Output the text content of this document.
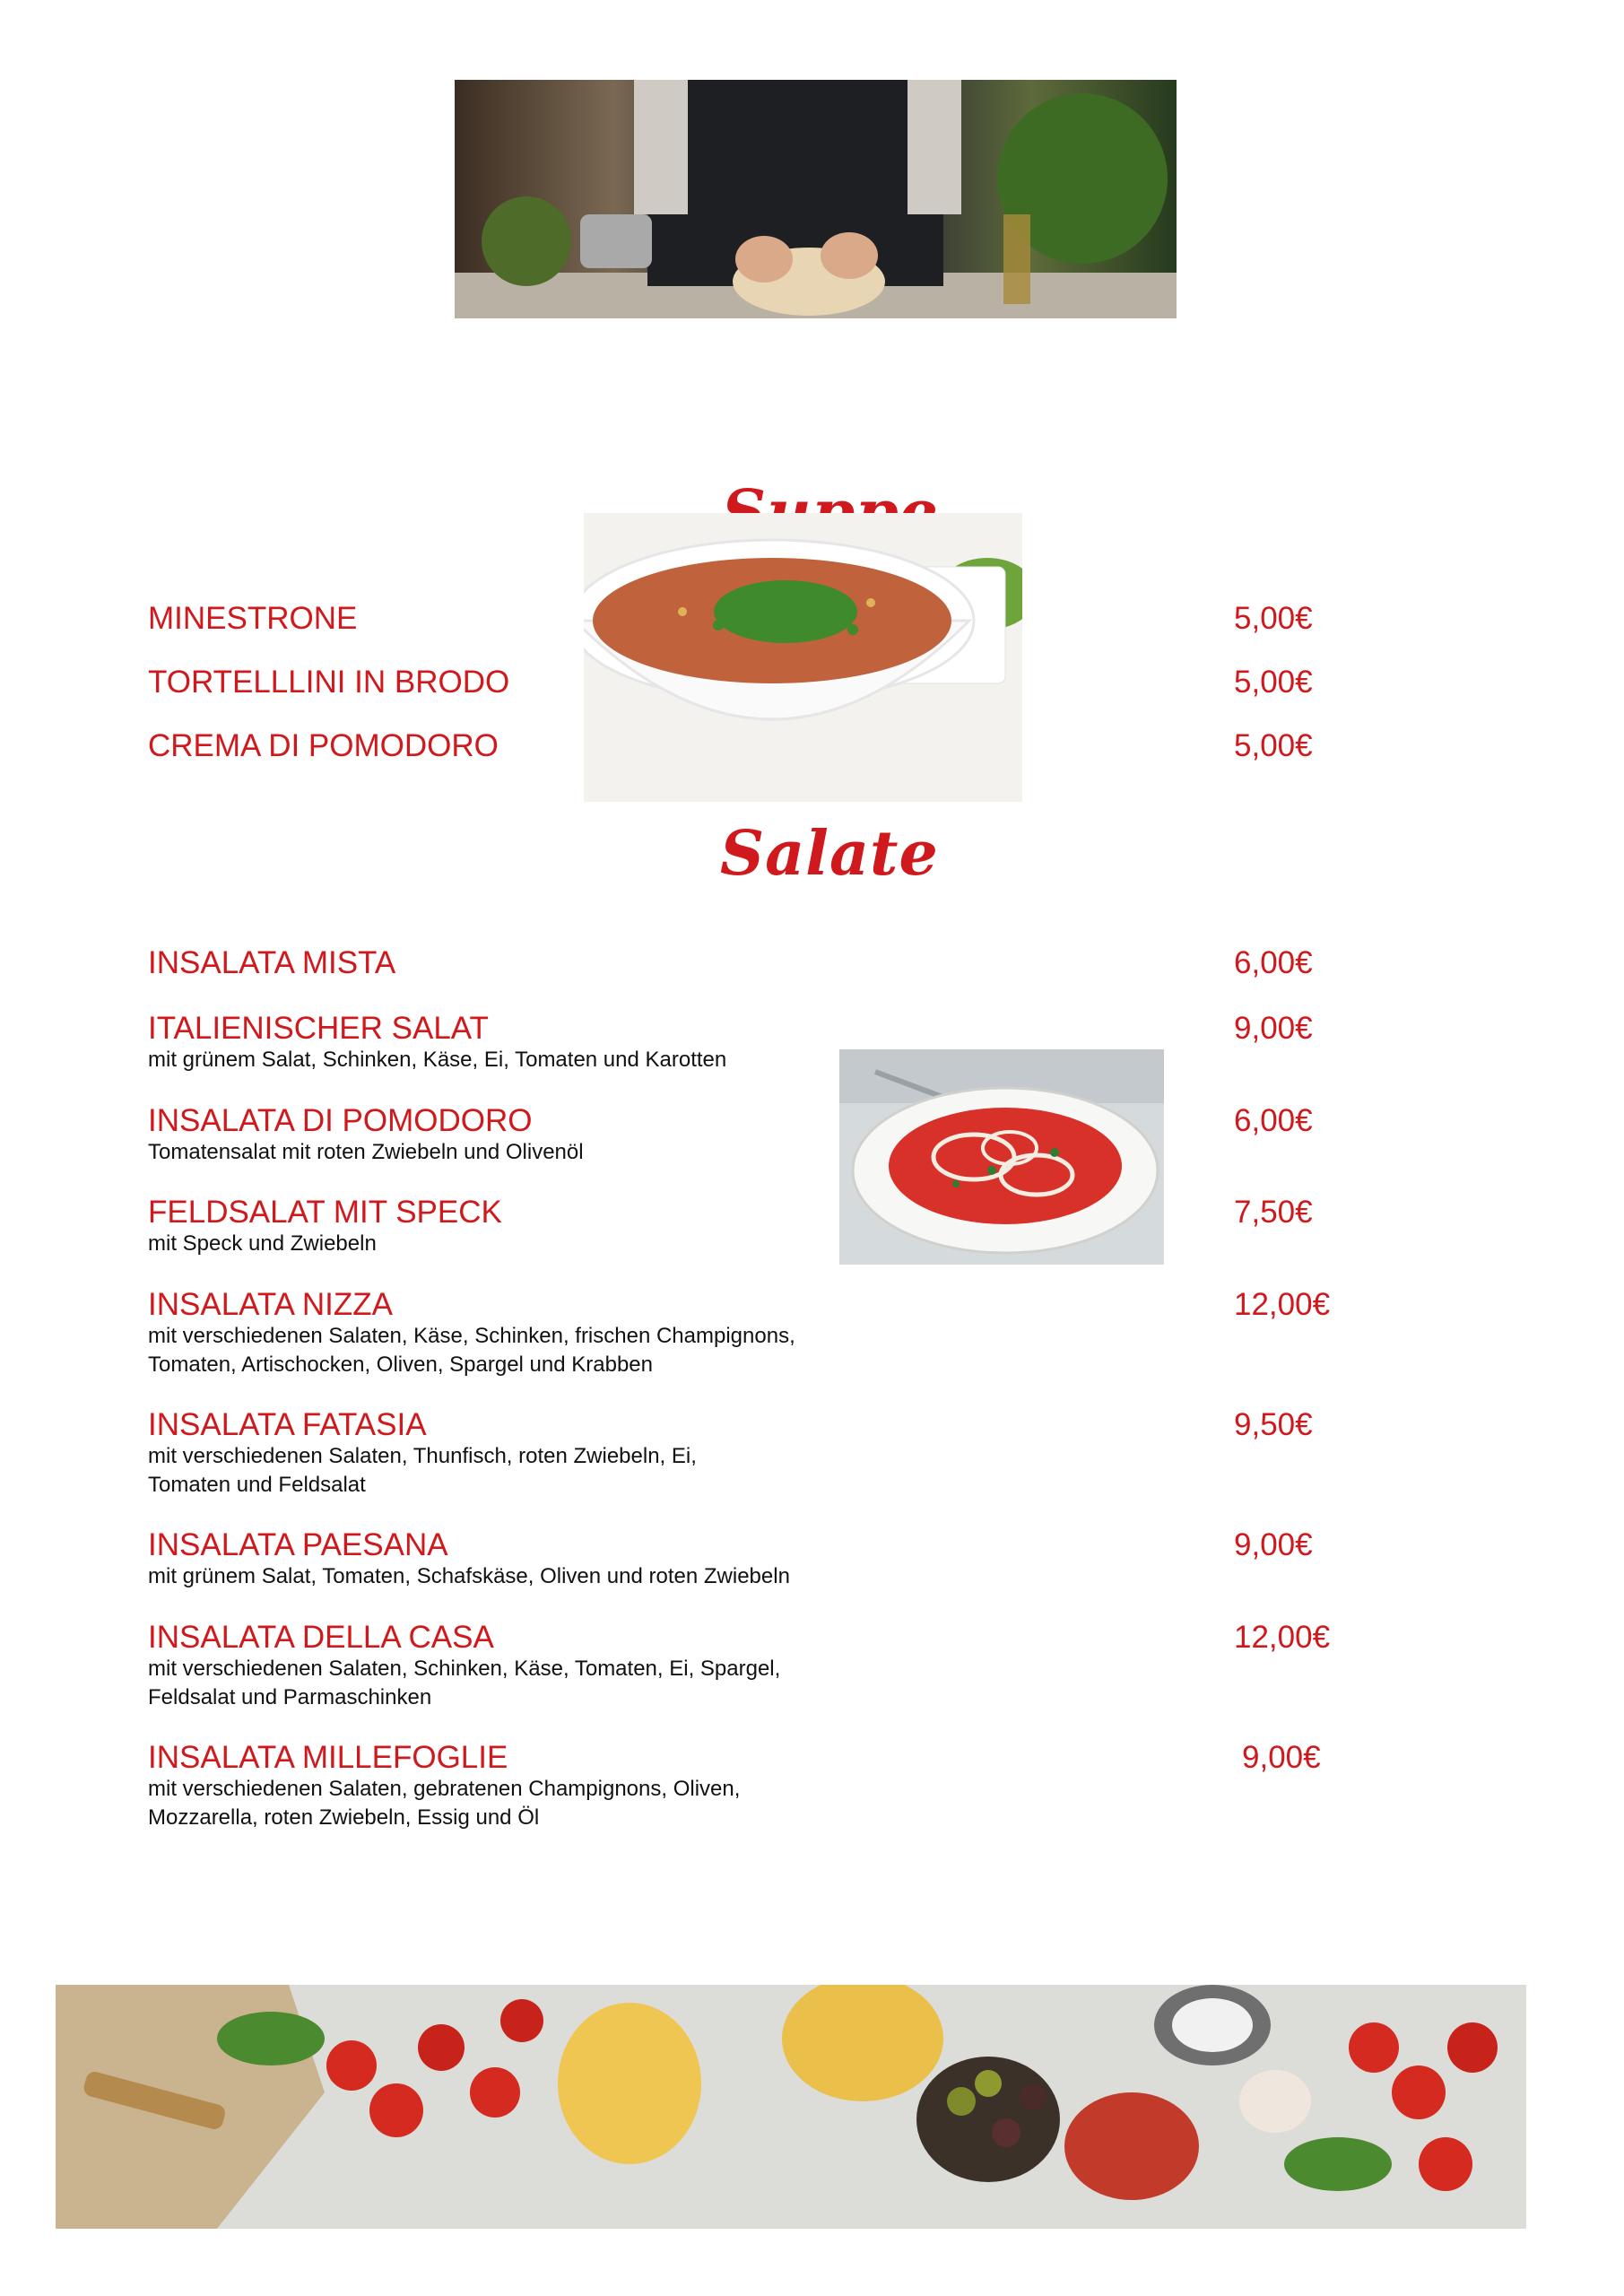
MINESTRONE	5,00€
TORTELLLINI IN BRODO	5,00€
CREMA DI POMODORO	5,00€
Salate
INSALATA MISTA	6,00€
ITALIENISCHER SALAT	9,00€
mit grünem Salat, Schinken, Käse, Ei, Tomaten und Karotten
INSALATA DI POMODORO	6,00€
Tomatensalat mit roten Zwiebeln und Olivenöl
FELDSALAT MIT SPECK	7,50€
mit Speck und Zwiebeln
INSALATA NIZZA	12,00€
mit verschiedenen Salaten, Käse, Schinken, frischen Champignons,
Tomaten, Artischocken, Oliven, Spargel und Krabben
INSALATA FATASIA	9,50€
mit verschiedenen Salaten, Thunfisch, roten Zwiebeln, Ei,
Tomaten und Feldsalat
INSALATA PAESANA	9,00€
mit grünem Salat, Tomaten, Schafskäse, Oliven und roten Zwiebeln
INSALATA DELLA CASA	12,00€
mit verschiedenen Salaten, Schinken, Käse, Tomaten, Ei, Spargel,
Feldsalat und Parmaschinken
INSALATA MILLEFOGLIE	9,00€
mit verschiedenen Salaten, gebratenen Champignons, Oliven,
Mozzarella, roten Zwiebeln, Essig und Öl
